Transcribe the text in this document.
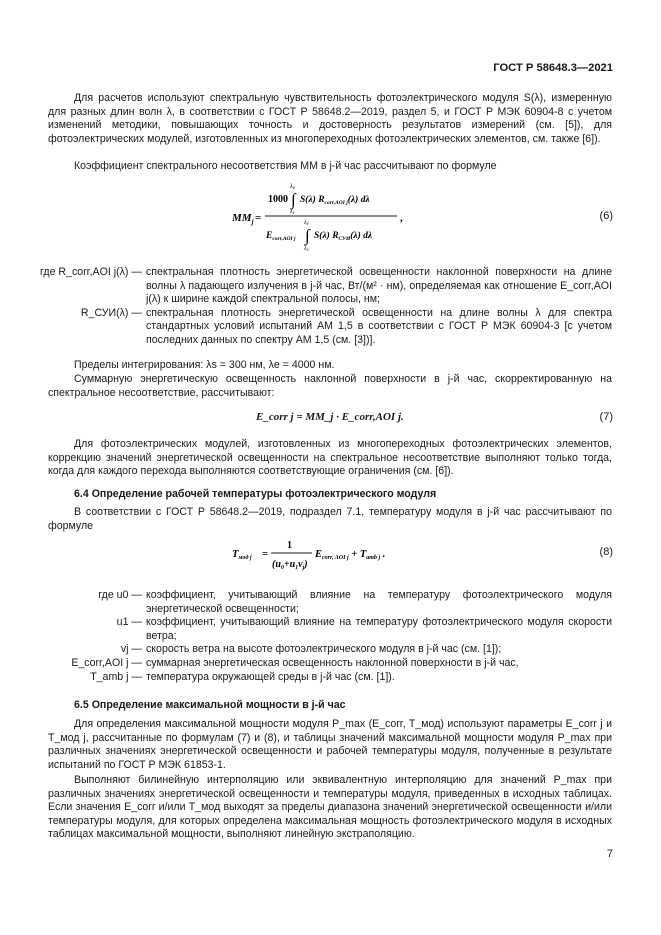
ГОСТ Р 58648.3—2021
Для расчетов используют спектральную чувствительность фотоэлектрического модуля S(λ), измеренную для разных длин волн λ, в соответствии с ГОСТ Р 58648.2—2019, раздел 5, и ГОСТ Р МЭК 60904-8 с учетом изменений методики, повышающих точность и достоверность результатов измерений (см. [5]), для фотоэлектрических модулей, изготовленных из многопереходных фотоэлектрических элементов, см. также [6]).
Коэффициент спектрального несоответствия MM в j-й час рассчитывают по формуле
$MM_j$ =
1000 ∫
λe
λs
S(λ) $R_{corr,AOI j}(\lambda)$ dλ
$E_{corr,AOI j}$ ∫
λe
λs
S(λ) $R_{СУИ}(\lambda)$ dλ
,	(6)
где R_corr,AOI j(λ) — спектральная плотность энергетической освещенности наклонной поверхности на длине волны λ падающего излучения в j-й час, Вт/(м² · нм), определяемая как отношение E_corr,AOI j(λ) к ширине каждой спектральной полосы, нм;
R_СУИ(λ) — спектральная плотность энергетической освещенности на длине волны λ для спектра стандартных условий испытаний АМ 1,5 в соответствии с ГОСТ Р МЭК 60904-3 [с учетом последних данных по спектру АМ 1,5 (см. [3])].
Пределы интегрирования: λs = 300 нм, λe = 4000 нм.
Суммарную энергетическую освещенность наклонной поверхности в j-й час, скорректированную на спектральное несоответствие, рассчитывают:
E_corr j = MM_j · E_corr,AOI j.	(7)
Для фотоэлектрических модулей, изготовленных из многопереходных фотоэлектрических элементов, коррекцию значений энергетической освещенности на спектральное несоответствие выполняют только тогда, когда для каждого перехода выполняются соответствующие ограничения (см. [6]).
6.4 Определение рабочей температуры фотоэлектрического модуля
В соответствии с ГОСТ Р 58648.2—2019, подраздел 7.1, температуру модуля в j-й час рассчитывают по формуле
Tмод j =
1
$(u_0+u_1v_j)$
Ecorr, AOI j + Tamb j .	(8)
где u0 — коэффициент, учитывающий влияние на температуру фотоэлектрического модуля энергетической освещенности;
u1 — коэффициент, учитывающий влияние на температуру фотоэлектрического модуля скорости ветра;
vj — скорость ветра на высоте фотоэлектрического модуля в j-й час (см. [1]);
E_corr,AOI j — суммарная энергетическая освещенность наклонной поверхности в j-й час,
T_amb j — температура окружающей среды в j-й час (см. [1]).
6.5 Определение максимальной мощности в j-й час
Для определения максимальной мощности модуля P_max (E_corr, T_мод) используют параметры E_corr j и T_мод j, рассчитанные по формулам (7) и (8), и таблицы значений максимальной мощности модуля P_max при различных значениях энергетической освещенности и рабочей температуры модуля, полученные в результате испытаний по ГОСТ Р МЭК 61853-1.
Выполняют билинейную интерполяцию или эквивалентную интерполяцию для значений P_max при различных значениях энергетической освещенности и температуры модуля, приведенных в исходных таблицах. Если значения E_corr и/или T_мод выходят за пределы диапазона значений энергетической освещенности и/или температуры модуля, для которых определена максимальная мощность фотоэлектрического модуля в исходных таблицах максимальной мощности, выполняют линейную экстраполяцию.
7
